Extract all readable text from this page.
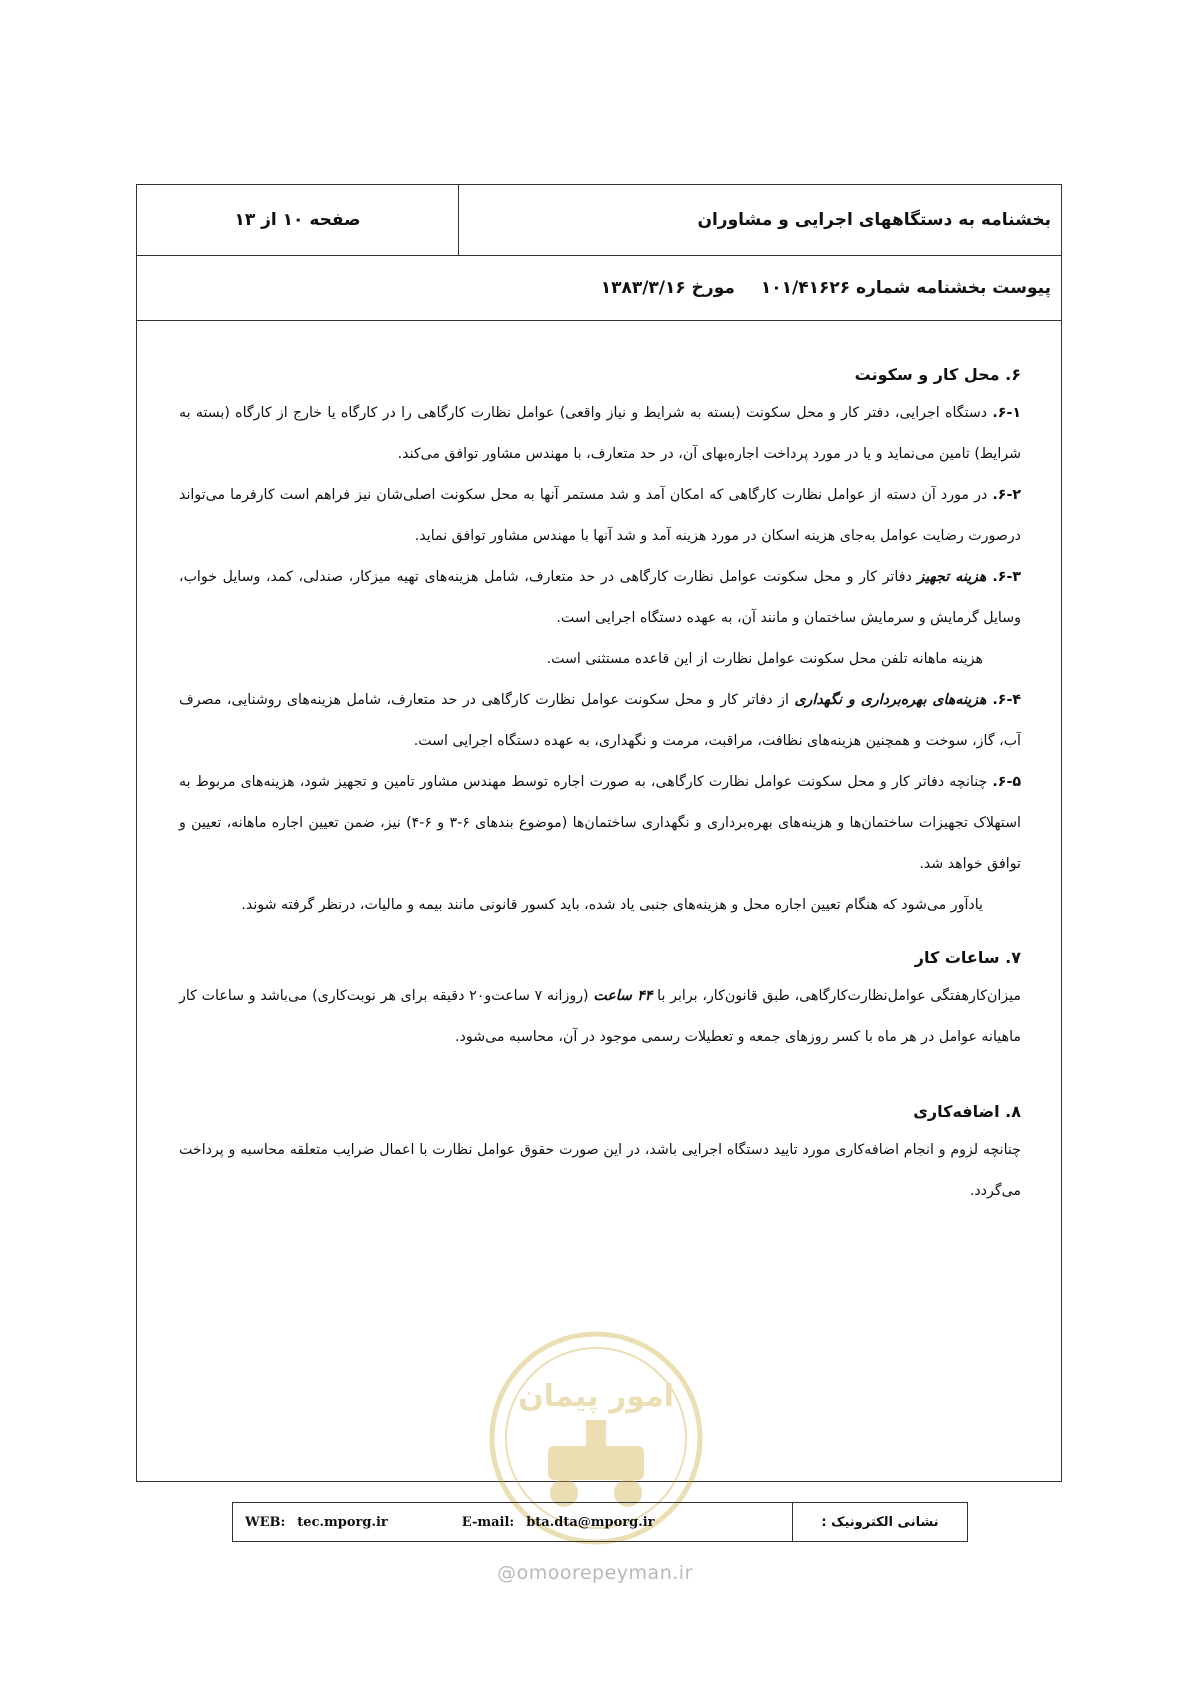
بخشنامه به دستگاههای اجرایی و مشاوران
صفحه ۱۰ از ۱۳
پیوست بخشنامه شماره

۱۰۱/۴۱۶۲۶
مورخ

۱۳۸۳/۳/۱۶
۶. محل کار و سکونت

۶-۱. دستگاه اجرایی، دفتر کار و محل سکونت (بسته به شرایط و نیاز واقعی) عوامل نظارت کارگاهی را در کارگاه یا خارج از کارگاه (بسته به شرایط) تامین می‌نماید و یا در مورد پرداخت اجاره‌بهای آن، در حد متعارف، با مهندس مشاور توافق می‌کند.

۶-۲. در مورد آن دسته از عوامل نظارت کارگاهی که امکان آمد و شد مستمر آنها به محل سکونت اصلی‌شان نیز فراهم است کارفرما می‌تواند درصورت رضایت عوامل به‌جای هزینه اسکان در مورد هزینه آمد و شد آنها با مهندس مشاور توافق نماید.

۶-۳. هزینه تجهیز دفاتر کار و محل سکونت عوامل نظارت کارگاهی در حد متعارف، شامل هزینه‌های تهیه میزکار، صندلی، کمد، وسایل خواب، وسایل گرمایش و سرمایش ساختمان و مانند آن، به عهده دستگاه اجرایی است.

هزینه ماهانه تلفن محل سکونت عوامل نظارت از این قاعده مستثنی است.

۶-۴. هزینه‌های بهره‌برداری و نگهداری از دفاتر کار و محل سکونت عوامل نظارت کارگاهی در حد متعارف، شامل هزینه‌های روشنایی، مصرف آب، گاز، سوخت و همچنین هزینه‌های نظافت، مراقبت، مرمت و نگهداری، به عهده دستگاه اجرایی است.

۶-۵. چنانچه دفاتر کار و محل سکونت عوامل نظارت کارگاهی، به صورت اجاره توسط مهندس مشاور تامین و تجهیز شود، هزینه‌های مربوط به استهلاک تجهیزات ساختمان‌ها و هزینه‌های بهره‌برداری و نگهداری ساختمان‌ها (موضوع بندهای ۶-۳ و ۶-۴) نیز، ضمن تعیین اجاره ماهانه، تعیین و توافق خواهد شد.

یادآور می‌شود که هنگام تعیین اجاره محل و هزینه‌های جنبی یاد شده، باید کسور قانونی مانند بیمه و مالیات، درنظر گرفته شوند.

۷. ساعات کار

میزان‌کارهفتگی عوامل‌نظارت‌کارگاهی، طبق قانون‌کار، برابر با ۴۴ ساعت (روزانه ۷ ساعت‌و۲۰ دقیقه برای هر نوبت‌کاری) می‌باشد و ساعات کار ماهیانه عوامل در هر ماه با کسر روزهای جمعه و تعطیلات رسمی موجود در آن، محاسبه می‌شود.

۸. اضافه‌کاری

چنانچه لزوم و انجام اضافه‌کاری مورد تایید دستگاه اجرایی باشد، در این صورت حقوق عوامل نظارت با اعمال ضرایب متعلقه محاسبه و پرداخت می‌گردد.

امور پیمان
WEB: tec.mporg.ir	E-mail: bta.dta@mporg.ir	نشانی الکترونیک :
@omoorepeyman.ir
